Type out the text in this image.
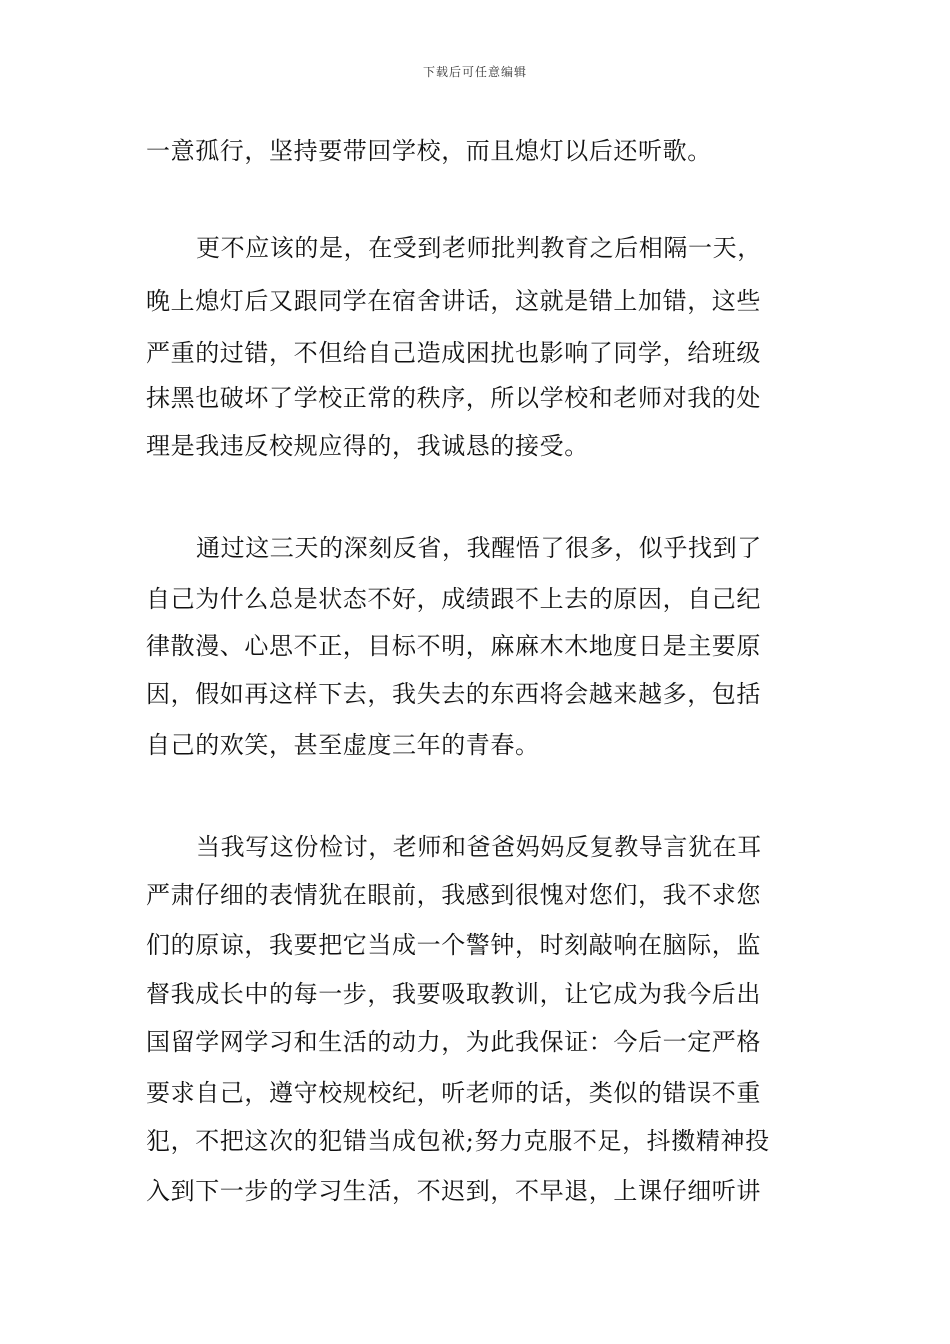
下载后可任意编辑
一意孤行，坚持要带回学校，而且熄灯以后还听歌。
更不应该的是，在受到老师批判教育之后相隔一天，
晚上熄灯后又跟同学在宿舍讲话，这就是错上加错，这些
严重的过错，不但给自己造成困扰也影响了同学，给班级
抹黑也破坏了学校正常的秩序，所以学校和老师对我的处
理是我违反校规应得的，我诚恳的接受。
通过这三天的深刻反省，我醒悟了很多，似乎找到了
自己为什么总是状态不好，成绩跟不上去的原因，自己纪
律散漫、心思不正，目标不明，麻麻木木地度日是主要原
因，假如再这样下去，我失去的东西将会越来越多，包括
自己的欢笑，甚至虚度三年的青春。
当我写这份检讨，老师和爸爸妈妈反复教导言犹在耳
严肃仔细的表情犹在眼前，我感到很愧对您们，我不求您
们的原谅，我要把它当成一个警钟，时刻敲响在脑际，监
督我成长中的每一步，我要吸取教训，让它成为我今后出
国留学网学习和生活的动力，为此我保证：今后一定严格
要求自己，遵守校规校纪，听老师的话，类似的错误不重
犯，不把这次的犯错当成包袱;努力克服不足，抖擞精神投
入到下一步的学习生活，不迟到，不早退，上课仔细听讲
